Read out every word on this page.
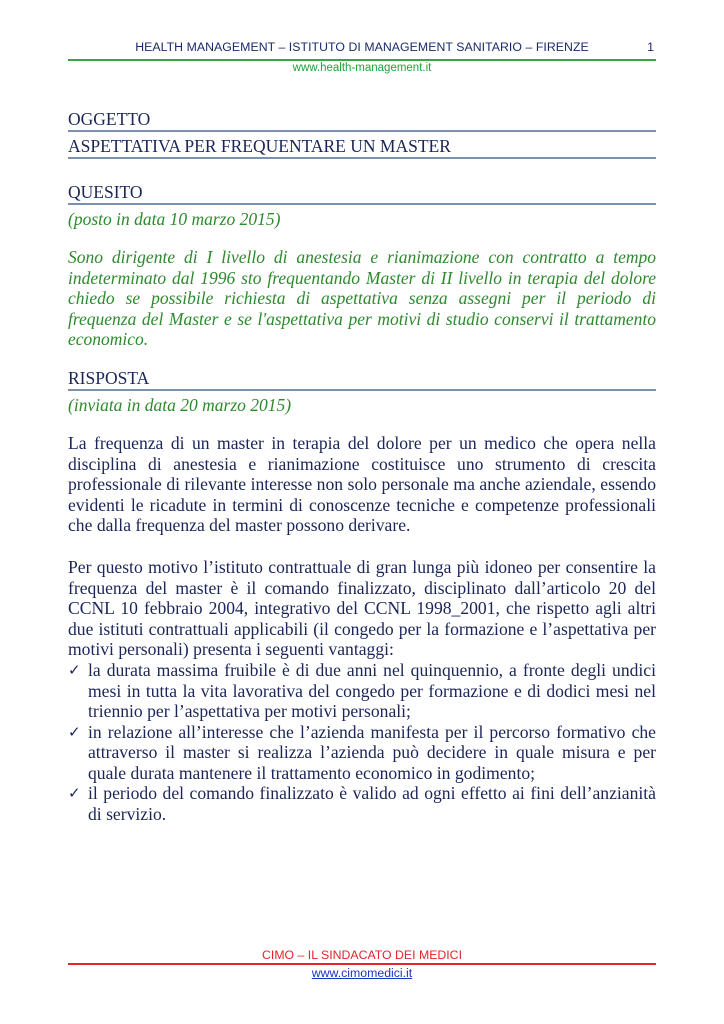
HEALTH MANAGEMENT – ISTITUTO DI MANAGEMENT SANITARIO – FIRENZE	1
www.health-management.it
OGGETTO
ASPETTATIVA PER FREQUENTARE UN MASTER
QUESITO
(posto in data 10 marzo 2015)
Sono dirigente di I livello di anestesia e rianimazione con contratto a tempo indeterminato dal 1996 sto frequentando Master di II livello in terapia del dolore chiedo se possibile richiesta di aspettativa senza assegni per il periodo di frequenza del Master e se l'aspettativa per motivi di studio conservi il trattamento economico.
RISPOSTA
(inviata in data 20 marzo 2015)

La frequenza di un master in terapia del dolore per un medico che opera nella disciplina di anestesia e rianimazione costituisce uno strumento di crescita professionale di rilevante interesse non solo personale ma anche aziendale, essendo evidenti le ricadute in termini di conoscenze tecniche e competenze professionali che dalla frequenza del master possono derivare.

Per questo motivo l’istituto contrattuale di gran lunga più idoneo per consentire la frequenza del master è il comando finalizzato, disciplinato dall’articolo 20 del CCNL 10 febbraio 2004, integrativo del CCNL 1998_2001, che rispetto agli altri due istituti contrattuali applicabili (il congedo per la formazione e l’aspettativa per motivi personali) presenta i seguenti vantaggi:

✓ la durata massima fruibile è di due anni nel quinquennio, a fronte degli undici mesi in tutta la vita lavorativa del congedo per formazione e di dodici mesi nel triennio per l’aspettativa per motivi personali;
✓ in relazione all’interesse che l’azienda manifesta per il percorso formativo che attraverso il master si realizza l’azienda può decidere in quale misura e per quale durata mantenere il trattamento economico in godimento;
✓ il periodo del comando finalizzato è valido ad ogni effetto ai fini dell’anzianità di servizio.
CIMO – IL SINDACATO DEI MEDICI
www.cimomedici.it
